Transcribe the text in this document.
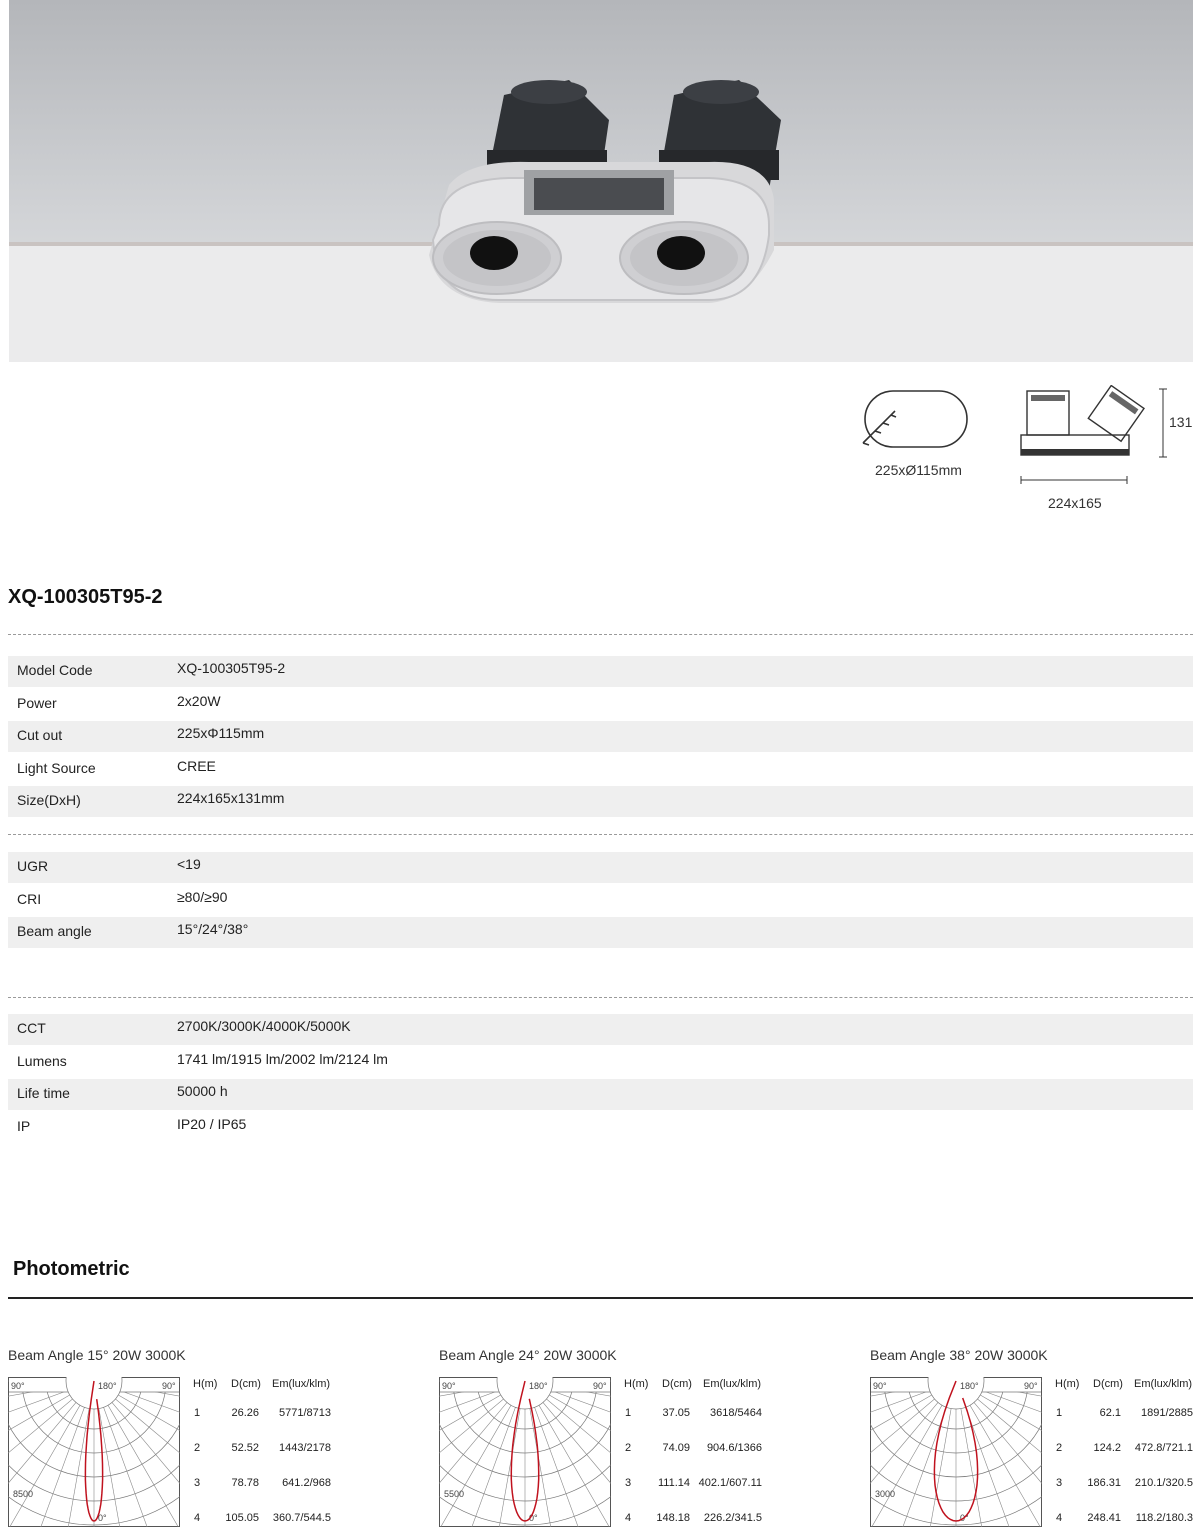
225xØ115mm
131
224x165
XQ-100305T95-2
Model Code	XQ-100305T95-2
Power	2x20W
Cut out	225xΦ115mm
Light Source	CREE
Size(DxH)	224x165x131mm
UGR	<19
CRI	≥80/≥90
Beam angle	15°/24°/38°
CCT	2700K/3000K/4000K/5000K
Lumens	1741 lm/1915 lm/2002 lm/2124 lm
Life time	50000 h
IP	IP20 / IP65
Photometric
Beam Angle 15° 20W 3000K
90°	180°	90°
0°
8500
H(m) D(cm) Em(lux/klm)
1	26.26	5771/8713
2	52.52	1443/2178
3	78.78	641.2/968
4 105.05	360.7/544.5
Beam Angle 24° 20W 3000K
90°	180°	90°
0°
5500
H(m) D(cm) Em(lux/klm)
1	37.05	3618/5464
2	74.09	904.6/1366
3	111.14 402.1/607.11
4 148.18	226.2/341.5
Beam Angle 38° 20W 3000K
90°	180°	90°
0°
3000
H(m) D(cm) Em(lux/klm)
1	62.1	1891/2885
2	124.2	472.8/721.1
3 186.31	210.1/320.5
4 248.41	118.2/180.3
